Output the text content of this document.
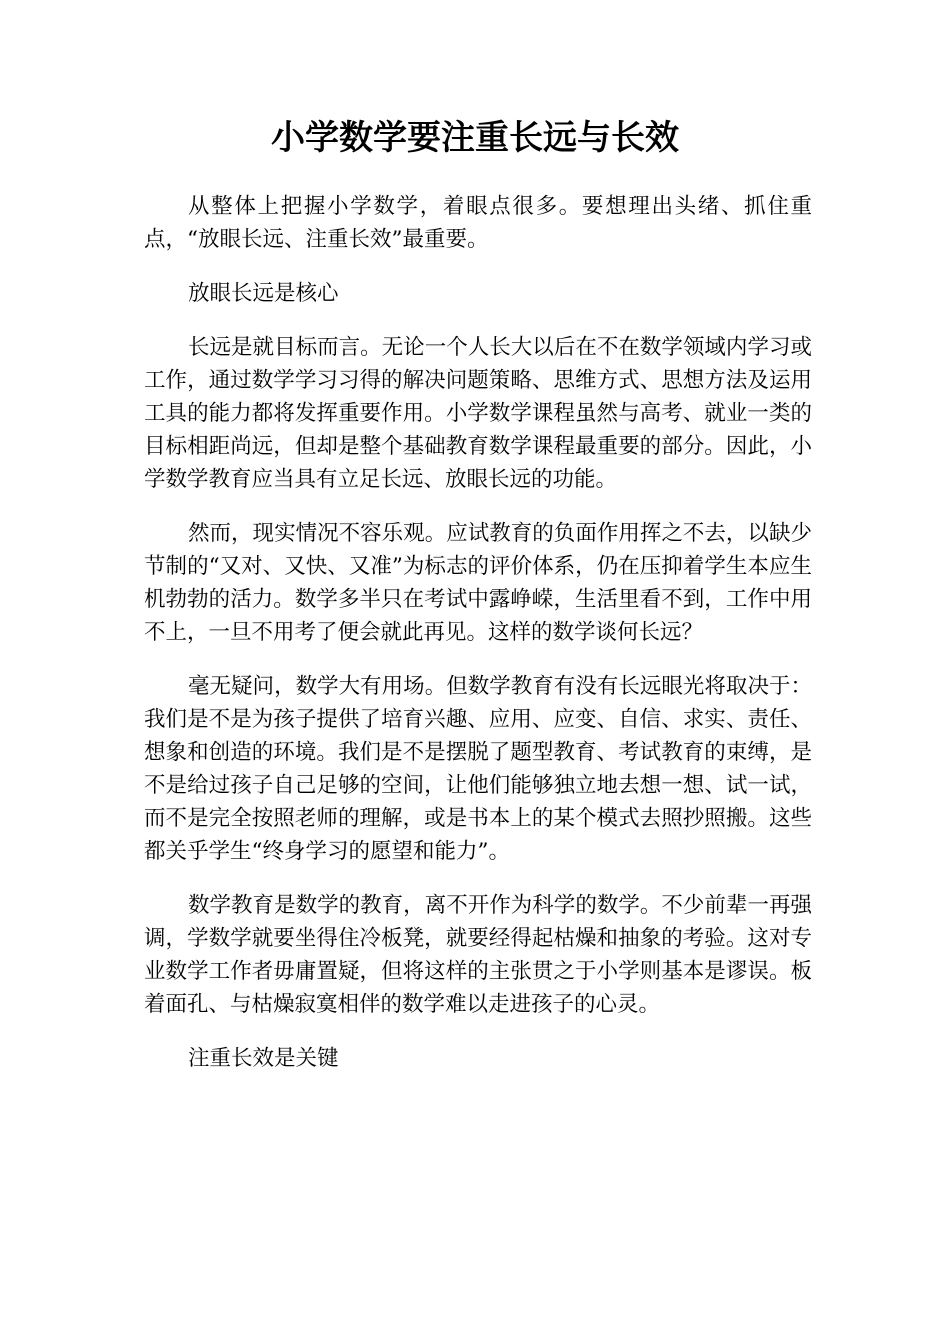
小学数学要注重长远与长效

从整体上把握小学数学，着眼点很多。要想理出头绪、抓住重点，“放眼长远、注重长效”最重要。

放眼长远是核心

长远是就目标而言。无论一个人长大以后在不在数学领域内学习或工作，通过数学学习习得的解决问题策略、思维方式、思想方法及运用工具的能力都将发挥重要作用。小学数学课程虽然与高考、就业一类的目标相距尚远，但却是整个基础教育数学课程最重要的部分。因此，小学数学教育应当具有立足长远、放眼长远的功能。

然而，现实情况不容乐观。应试教育的负面作用挥之不去，以缺少节制的“又对、又快、又准”为标志的评价体系，仍在压抑着学生本应生机勃勃的活力。数学多半只在考试中露峥嵘，生活里看不到，工作中用不上，一旦不用考了便会就此再见。这样的数学谈何长远？

毫无疑问，数学大有用场。但数学教育有没有长远眼光将取决于：我们是不是为孩子提供了培育兴趣、应用、应变、自信、求实、责任、想象和创造的环境。我们是不是摆脱了题型教育、考试教育的束缚，是不是给过孩子自己足够的空间，让他们能够独立地去想一想、试一试，而不是完全按照老师的理解，或是书本上的某个模式去照抄照搬。这些都关乎学生“终身学习的愿望和能力”。

数学教育是数学的教育，离不开作为科学的数学。不少前辈一再强调，学数学就要坐得住冷板凳，就要经得起枯燥和抽象的考验。这对专业数学工作者毋庸置疑，但将这样的主张贯之于小学则基本是谬误。板着面孔、与枯燥寂寞相伴的数学难以走进孩子的心灵。

注重长效是关键
